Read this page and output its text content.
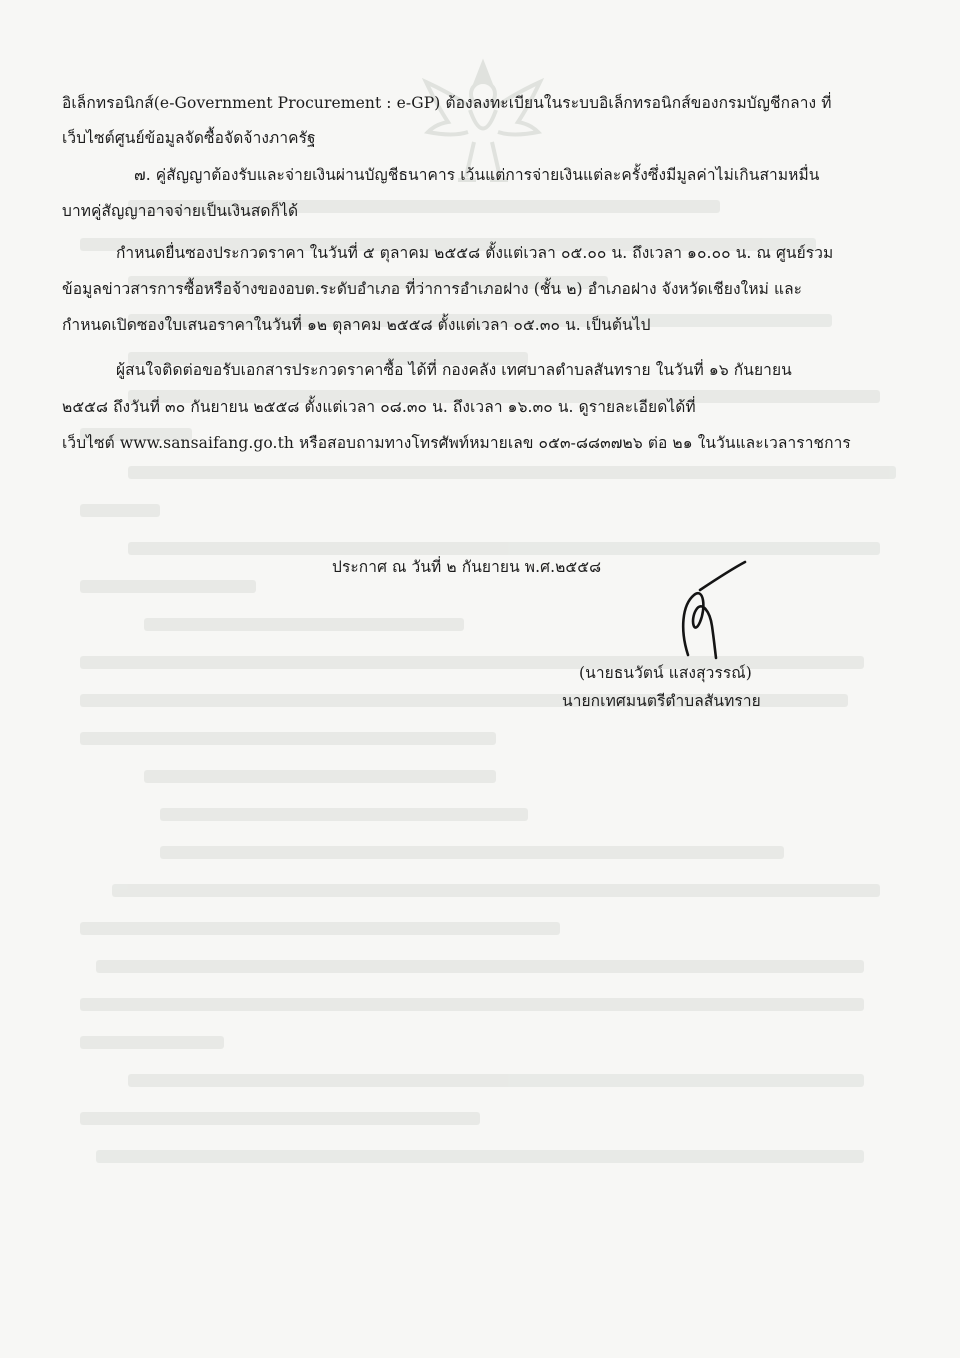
อิเล็กทรอนิกส์(e-Government Procurement : e-GP) ต้องลงทะเบียนในระบบอิเล็กทรอนิกส์ของกรมบัญชีกลาง ที่
เว็บไซต์ศูนย์ข้อมูลจัดซื้อจัดจ้างภาครัฐ
๗. คู่สัญญาต้องรับและจ่ายเงินผ่านบัญชีธนาคาร เว้นแต่การจ่ายเงินแต่ละครั้งซึ่งมีมูลค่าไม่เกินสามหมื่น
บาทคู่สัญญาอาจจ่ายเป็นเงินสดก็ได้
กำหนดยื่นซองประกวดราคา ในวันที่ ๕ ตุลาคม ๒๕๕๘ ตั้งแต่เวลา ๐๕.๐๐ น. ถึงเวลา ๑๐.๐๐ น. ณ ศูนย์รวม
ข้อมูลข่าวสารการซื้อหรือจ้างของอบต.ระดับอำเภอ ที่ว่าการอำเภอฝาง (ชั้น ๒) อำเภอฝาง จังหวัดเชียงใหม่ และ
กำหนดเปิดซองใบเสนอราคาในวันที่ ๑๒ ตุลาคม ๒๕๕๘ ตั้งแต่เวลา ๐๕.๓๐ น. เป็นต้นไป
ผู้สนใจติดต่อขอรับเอกสารประกวดราคาซื้อ ได้ที่ กองคลัง เทศบาลตำบลสันทราย ในวันที่ ๑๖ กันยายน
๒๕๕๘ ถึงวันที่ ๓๐ กันยายน ๒๕๕๘ ตั้งแต่เวลา ๐๘.๓๐ น. ถึงเวลา ๑๖.๓๐ น. ดูรายละเอียดได้ที่
เว็บไซต์ www.sansaifang.go.th หรือสอบถามทางโทรศัพท์หมายเลข ๐๕๓-๘๘๓๗๒๖ ต่อ ๒๑ ในวันและเวลาราชการ
ประกาศ ณ วันที่ ๒ กันยายน พ.ศ.๒๕๕๘
(นายธนวัตน์ แสงสุวรรณ์)
นายกเทศมนตรีตำบลสันทราย
